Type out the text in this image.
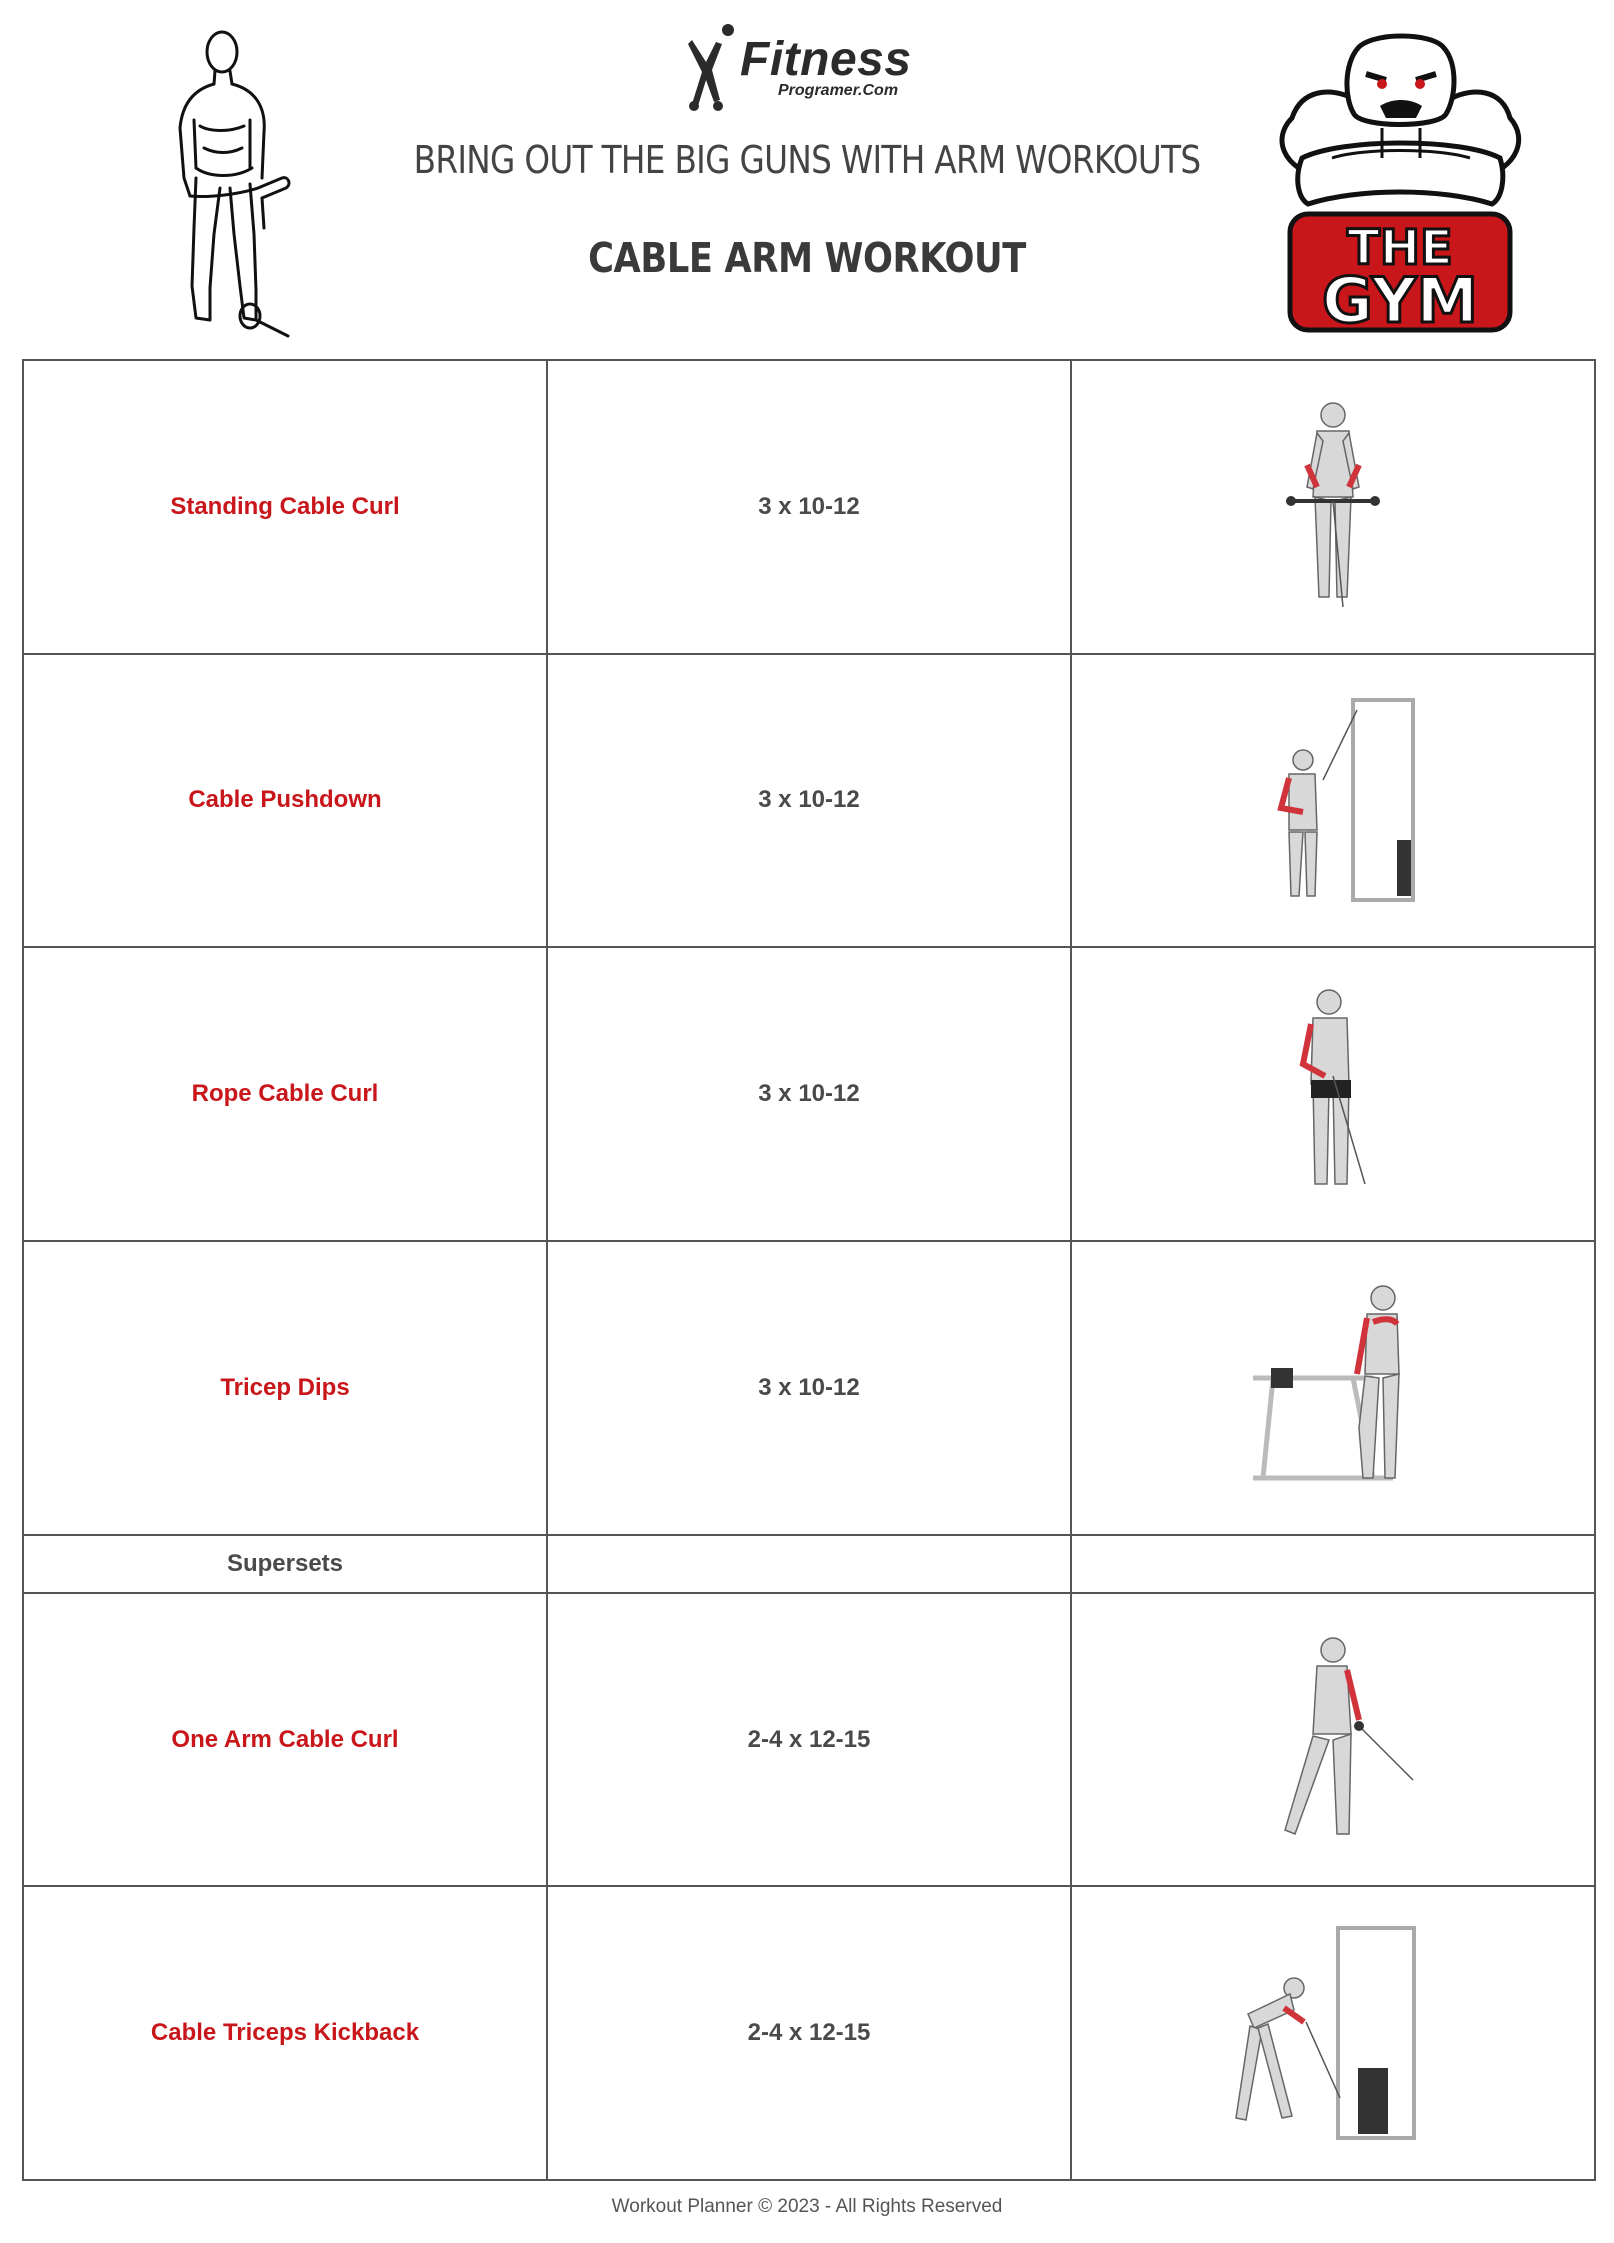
Fitness
Programer.Com
BRING OUT THE BIG GUNS WITH ARM WORKOUTS
CABLE ARM WORKOUT	THE
GYM
Standing Cable Curl	3 x 10-12	

Cable Pushdown	3 x 10-12	

Rope Cable Curl	3 x 10-12	

Tricep Dips	3 x 10-12	

Supersets		
One Arm Cable Curl	2-4 x 12-15	

Cable Triceps Kickback	2-4 x 12-15	
Workout Planner © 2023 - All Rights Reserved
